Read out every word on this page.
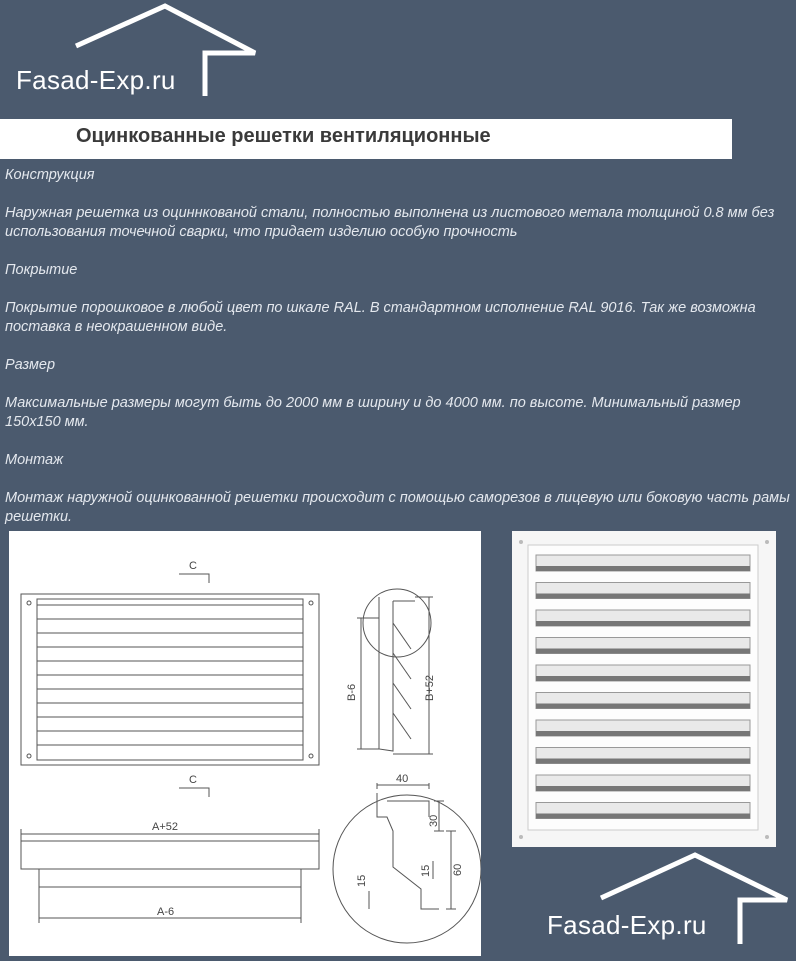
Fasad-Exp.ru
Оцинкованные решетки вентиляционные

Конструкция

Наружная решетка из оциннкованой стали, полностью выполнена из листового метала толщиной 0.8 мм без использования точечной сварки, что придает изделию особую прочность

Покрытие

Покрытие порошковое в любой цвет по шкале RAL. В стандартном исполнение RAL 9016. Так же возможна поставка в неокрашенном виде.

Размер

Максимальные размеры могут быть до 2000 мм в ширину и до 4000 мм. по высоте. Минимальный размер 150х150 мм.

Монтаж

Монтаж наружной оцинкованной решетки происходит с помощью саморезов в лицевую или боковую часть рамы решетки.

C
C
B-6	B+52
A+52
A-6
40
30
60
15
15
Fasad-Exp.ru
